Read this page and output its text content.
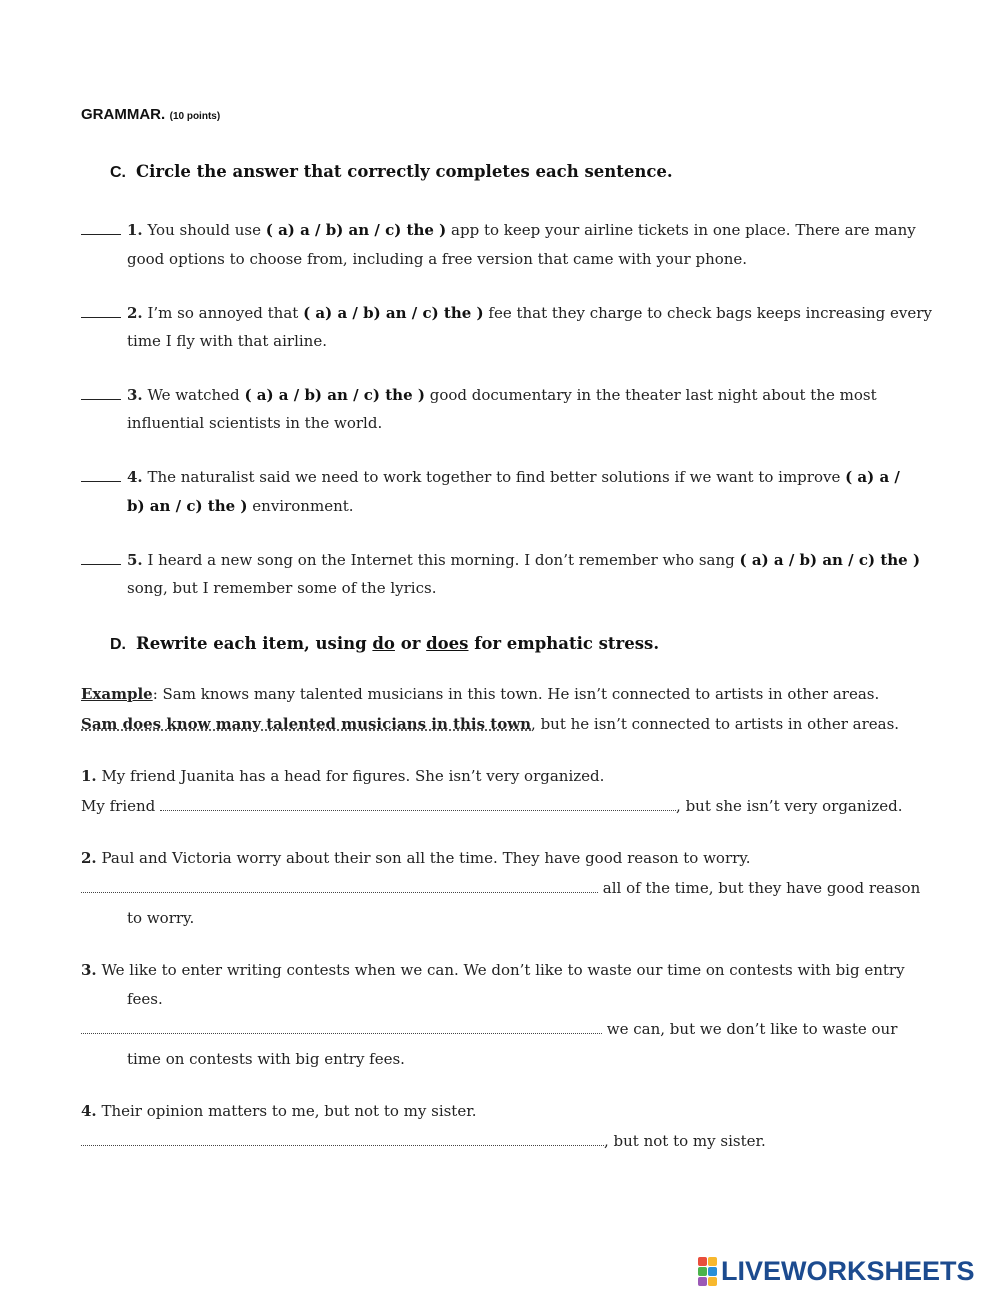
GRAMMAR. (10 points)
C. Circle the answer that correctly completes each sentence.
1. You should use ( a) a / b) an / c) the ) app to keep your airline tickets in one place. There are many
good options to choose from, including a free version that came with your phone.
2. I’m so annoyed that ( a) a / b) an / c) the ) fee that they charge to check bags keeps increasing every
time I fly with that airline.
3. We watched ( a) a / b) an / c) the ) good documentary in the theater last night about the most
influential scientists in the world.
4. The naturalist said we need to work together to find better solutions if we want to improve ( a) a /
b) an / c) the ) environment.
5. I heard a new song on the Internet this morning. I don’t remember who sang ( a) a / b) an / c) the )
song, but I remember some of the lyrics.
D. Rewrite each item, using do or does for emphatic stress.
Example: Sam knows many talented musicians in this town. He isn’t connected to artists in other areas.
Sam does know many talented musicians in this town, but he isn’t connected to artists in other areas.
1. My friend Juanita has a head for figures. She isn’t very organized.
My friend	, but she isn’t very organized.
2. Paul and Victoria worry about their son all the time. They have good reason to worry.
all of the time, but they have good reason
to worry.
3. We like to enter writing contests when we can. We don’t like to waste our time on contests with big entry
fees.
we can, but we don’t like to waste our
time on contests with big entry fees.
4. Their opinion matters to me, but not to my sister.
, but not to my sister.
LIVEWORKSHEETS
